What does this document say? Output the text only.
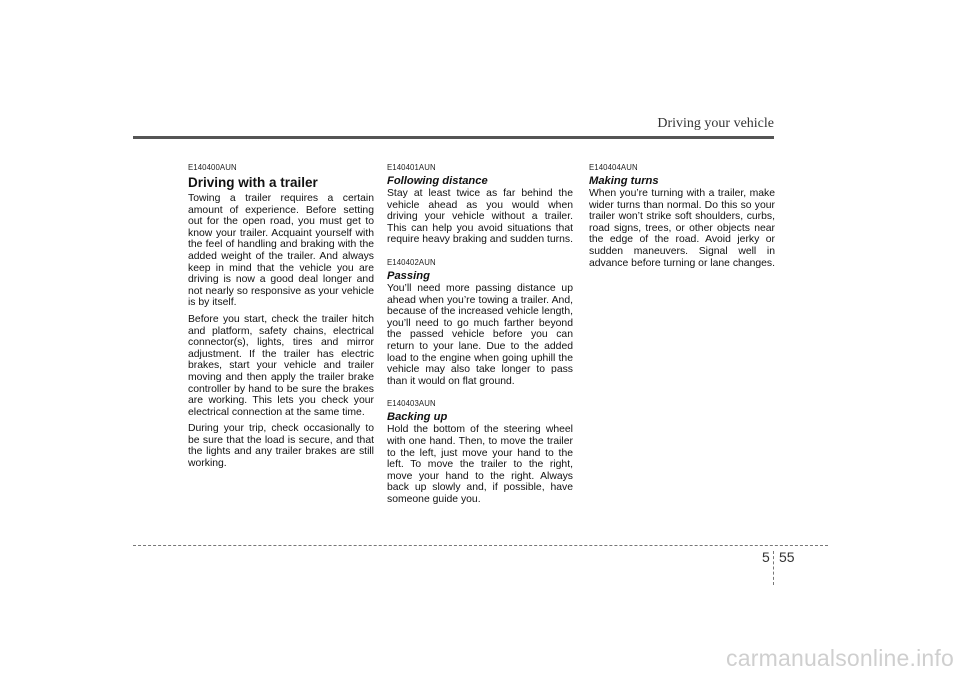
Driving your vehicle
E140400AUN
Driving with a trailer

Towing a trailer requires a certain amount of experience. Before setting out for the open road, you must get to know your trailer. Acquaint yourself with the feel of handling and braking with the added weight of the trailer. And always keep in mind that the vehicle you are driving is now a good deal longer and not nearly so responsive as your vehicle is by itself.

Before you start, check the trailer hitch and platform, safety chains, electrical connector(s), lights, tires and mirror adjustment. If the trailer has electric brakes, start your vehicle and trailer moving and then apply the trailer brake controller by hand to be sure the brakes are working. This lets you check your electrical connection at the same time.

During your trip, check occasionally to be sure that the load is secure, and that the lights and any trailer brakes are still working.

E140401AUN
Following distance

Stay at least twice as far behind the vehicle ahead as you would when driving your vehicle without a trailer. This can help you avoid situations that require heavy braking and sudden turns.

E140402AUN
Passing

You’ll need more passing distance up ahead when you’re towing a trailer. And, because of the increased vehicle length, you’ll need to go much farther beyond the passed vehicle before you can return to your lane. Due to the added load to the engine when going uphill the vehicle may also take longer to pass than it would on flat ground.

E140403AUN
Backing up

Hold the bottom of the steering wheel with one hand. Then, to move the trailer to the left, just move your hand to the left. To move the trailer to the right, move your hand to the right. Always back up slowly and, if possible, have someone guide you.

E140404AUN
Making turns

When you’re turning with a trailer, make wider turns than normal. Do this so your trailer won’t strike soft shoulders, curbs, road signs, trees, or other objects near the edge of the road. Avoid jerky or sudden maneuvers. Signal well in advance before turning or lane changes.

5 55
carmanualsonline.info
